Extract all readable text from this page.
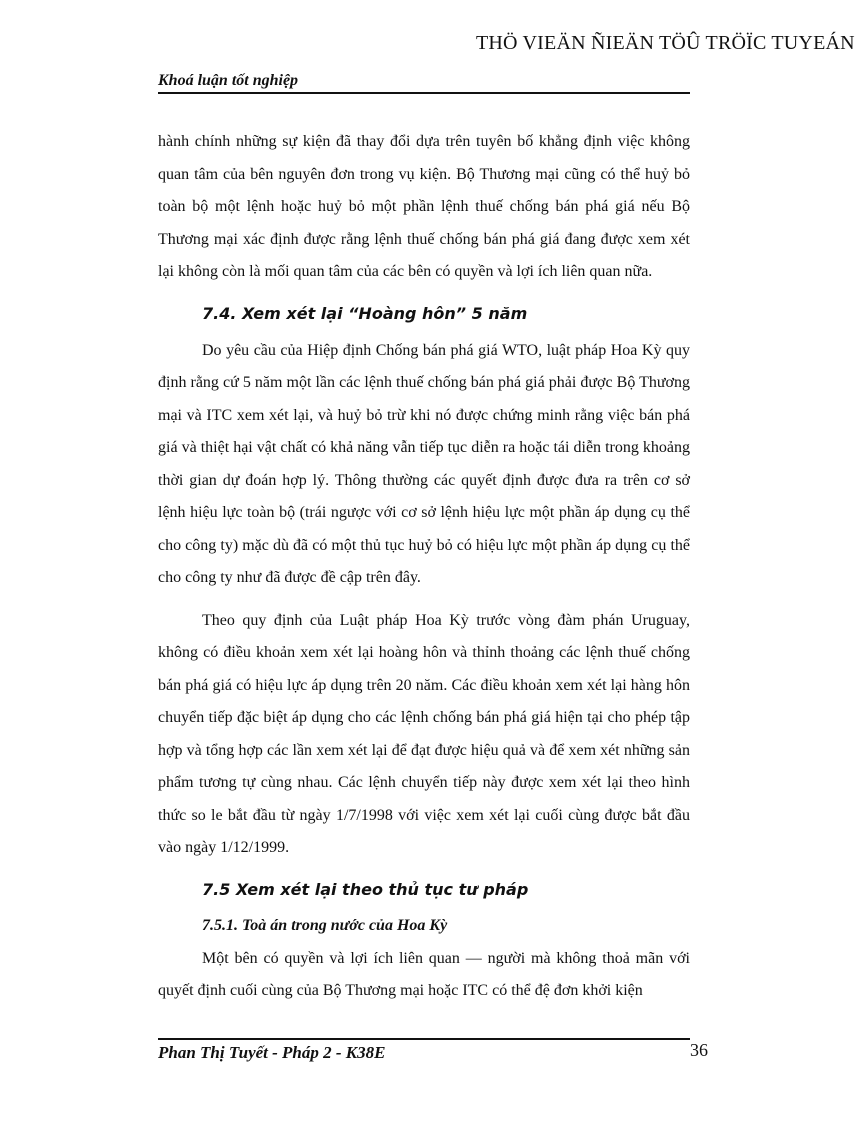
THÖ VIEÄN ÑIEÄN TÖÛ TRÖÏC TUYEÁN
Khoá luận tốt nghiệp

hành chính những sự kiện đã thay đổi dựa trên tuyên bố khẳng định việc không quan tâm của bên nguyên đơn trong vụ kiện. Bộ Thương mại cũng có thể huỷ bỏ toàn bộ một lệnh hoặc huỷ bỏ một phần lệnh thuế chống bán phá giá nếu Bộ Thương mại xác định được rằng lệnh thuế chống bán phá giá đang được xem xét lại không còn là mối quan tâm của các bên có quyền và lợi ích liên quan nữa.

7.4. Xem xét lại “Hoàng hôn” 5 năm

Do yêu cầu của Hiệp định Chống bán phá giá WTO, luật pháp Hoa Kỳ quy định rằng cứ 5 năm một lần các lệnh thuế chống bán phá giá phải được Bộ Thương mại và ITC xem xét lại, và huỷ bỏ trừ khi nó được chứng minh rằng việc bán phá giá và thiệt hại vật chất có khả năng vẫn tiếp tục diễn ra hoặc tái diễn trong khoảng thời gian dự đoán hợp lý. Thông thường các quyết định được đưa ra trên cơ sở lệnh hiệu lực toàn bộ (trái ngược với cơ sở lệnh hiệu lực một phần áp dụng cụ thể cho công ty) mặc dù đã có một thủ tục huỷ bỏ có hiệu lực một phần áp dụng cụ thể cho công ty như đã được đề cập trên đây.

Theo quy định của Luật pháp Hoa Kỳ trước vòng đàm phán Uruguay, không có điều khoản xem xét lại hoàng hôn và thỉnh thoảng các lệnh thuế chống bán phá giá có hiệu lực áp dụng trên 20 năm. Các điều khoản xem xét lại hàng hôn chuyển tiếp đặc biệt áp dụng cho các lệnh chống bán phá giá hiện tại cho phép tập hợp và tổng hợp các lần xem xét lại để đạt được hiệu quả và để xem xét những sản phẩm tương tự cùng nhau. Các lệnh chuyển tiếp này được xem xét lại theo hình thức so le bắt đầu từ ngày 1/7/1998 với việc xem xét lại cuối cùng được bắt đầu vào ngày 1/12/1999.

7.5 Xem xét lại theo thủ tục tư pháp
7.5.1. Toà án trong nước của Hoa Kỳ

Một bên có quyền và lợi ích liên quan — người mà không thoả mãn với quyết định cuối cùng của Bộ Thương mại hoặc ITC có thể đệ đơn khởi kiện

Phan Thị Tuyết - Pháp 2 - K38E	36
